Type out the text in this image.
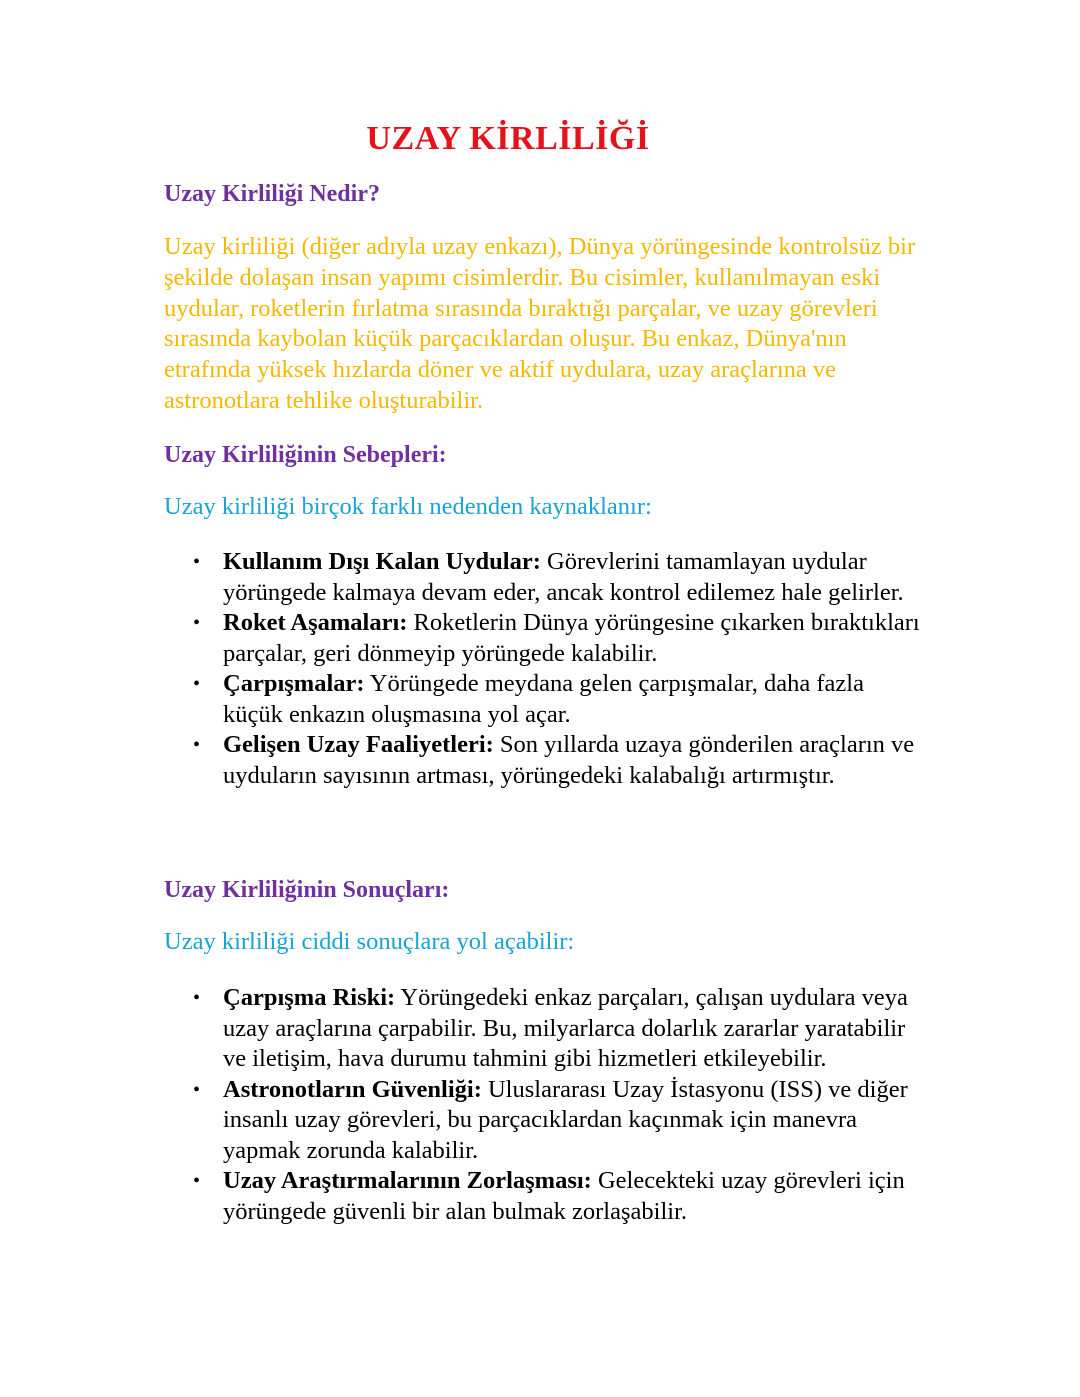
UZAY KİRLİLİĞİ
Uzay Kirliliği Nedir?
Uzay kirliliği (diğer adıyla uzay enkazı), Dünya yörüngesinde kontrolsüz bir şekilde dolaşan insan yapımı cisimlerdir. Bu cisimler, kullanılmayan eski uydular, roketlerin fırlatma sırasında bıraktığı parçalar, ve uzay görevleri sırasında kaybolan küçük parçacıklardan oluşur. Bu enkaz, Dünya'nın etrafında yüksek hızlarda döner ve aktif uydulara, uzay araçlarına ve astronotlara tehlike oluşturabilir.
Uzay Kirliliğinin Sebepleri:
Uzay kirliliği birçok farklı nedenden kaynaklanır:
• Kullanım Dışı Kalan Uydular: Görevlerini tamamlayan uydular yörüngede kalmaya devam eder, ancak kontrol edilemez hale gelirler.
• Roket Aşamaları: Roketlerin Dünya yörüngesine çıkarken bıraktıkları parçalar, geri dönmeyip yörüngede kalabilir.
• Çarpışmalar: Yörüngede meydana gelen çarpışmalar, daha fazla küçük enkazın oluşmasına yol açar.
• Gelişen Uzay Faaliyetleri: Son yıllarda uzaya gönderilen araçların ve uyduların sayısının artması, yörüngedeki kalabalığı artırmıştır.
Uzay Kirliliğinin Sonuçları:
Uzay kirliliği ciddi sonuçlara yol açabilir:
• Çarpışma Riski: Yörüngedeki enkaz parçaları, çalışan uydulara veya uzay araçlarına çarpabilir. Bu, milyarlarca dolarlık zararlar yaratabilir ve iletişim, hava durumu tahmini gibi hizmetleri etkileyebilir.
• Astronotların Güvenliği: Uluslararası Uzay İstasyonu (ISS) ve diğer insanlı uzay görevleri, bu parçacıklardan kaçınmak için manevra yapmak zorunda kalabilir.
• Uzay Araştırmalarının Zorlaşması: Gelecekteki uzay görevleri için yörüngede güvenli bir alan bulmak zorlaşabilir.
